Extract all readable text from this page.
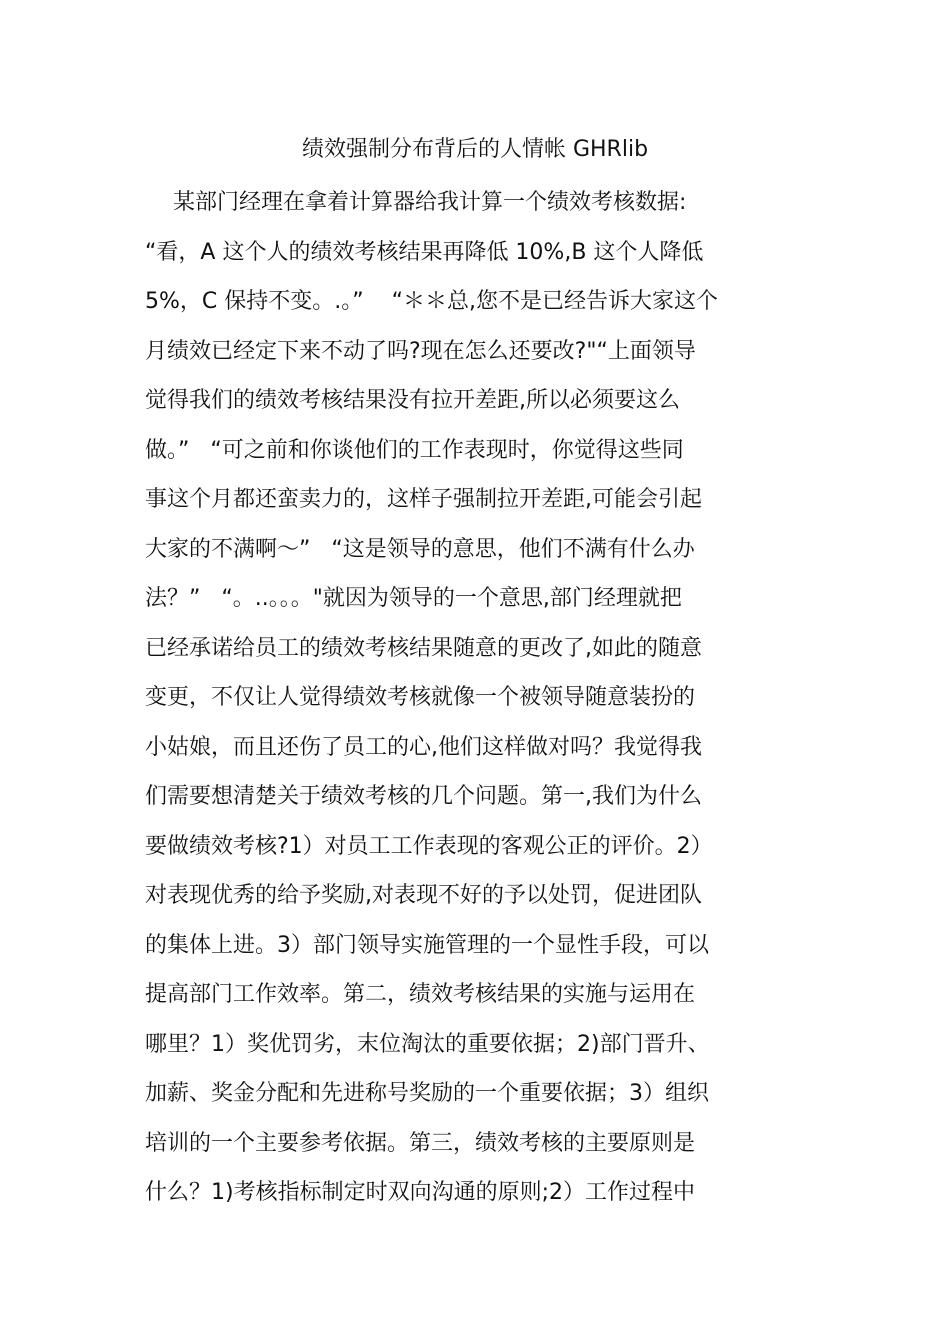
绩效强制分布背后的人情帐 GHRlib
某部门经理在拿着计算器给我计算一个绩效考核数据:
“看，A 这个人的绩效考核结果再降低 10%,B 这个人降低
5%，C 保持不变。.。”    “＊＊总,您不是已经告诉大家这个
月绩效已经定下来不动了吗?现在怎么还要改?"“上面领导
觉得我们的绩效考核结果没有拉开差距,所以必须要这么
做。”   “可之前和你谈他们的工作表现时，你觉得这些同
事这个月都还蛮卖力的，这样子强制拉开差距,可能会引起
大家的不满啊～”   “这是领导的意思，他们不满有什么办
法？”   “。..。。。"就因为领导的一个意思,部门经理就把
已经承诺给员工的绩效考核结果随意的更改了,如此的随意
变更，不仅让人觉得绩效考核就像一个被领导随意装扮的
小姑娘，而且还伤了员工的心,他们这样做对吗？我觉得我
们需要想清楚关于绩效考核的几个问题。第一,我们为什么
要做绩效考核?1）对员工工作表现的客观公正的评价。2）
对表现优秀的给予奖励,对表现不好的予以处罚，促进团队
的集体上进。3）部门领导实施管理的一个显性手段，可以
提高部门工作效率。第二，绩效考核结果的实施与运用在
哪里？1）奖优罚劣，末位淘汰的重要依据；2)部门晋升、
加薪、奖金分配和先进称号奖励的一个重要依据；3）组织
培训的一个主要参考依据。第三，绩效考核的主要原则是
什么？1)考核指标制定时双向沟通的原则;2）工作过程中
